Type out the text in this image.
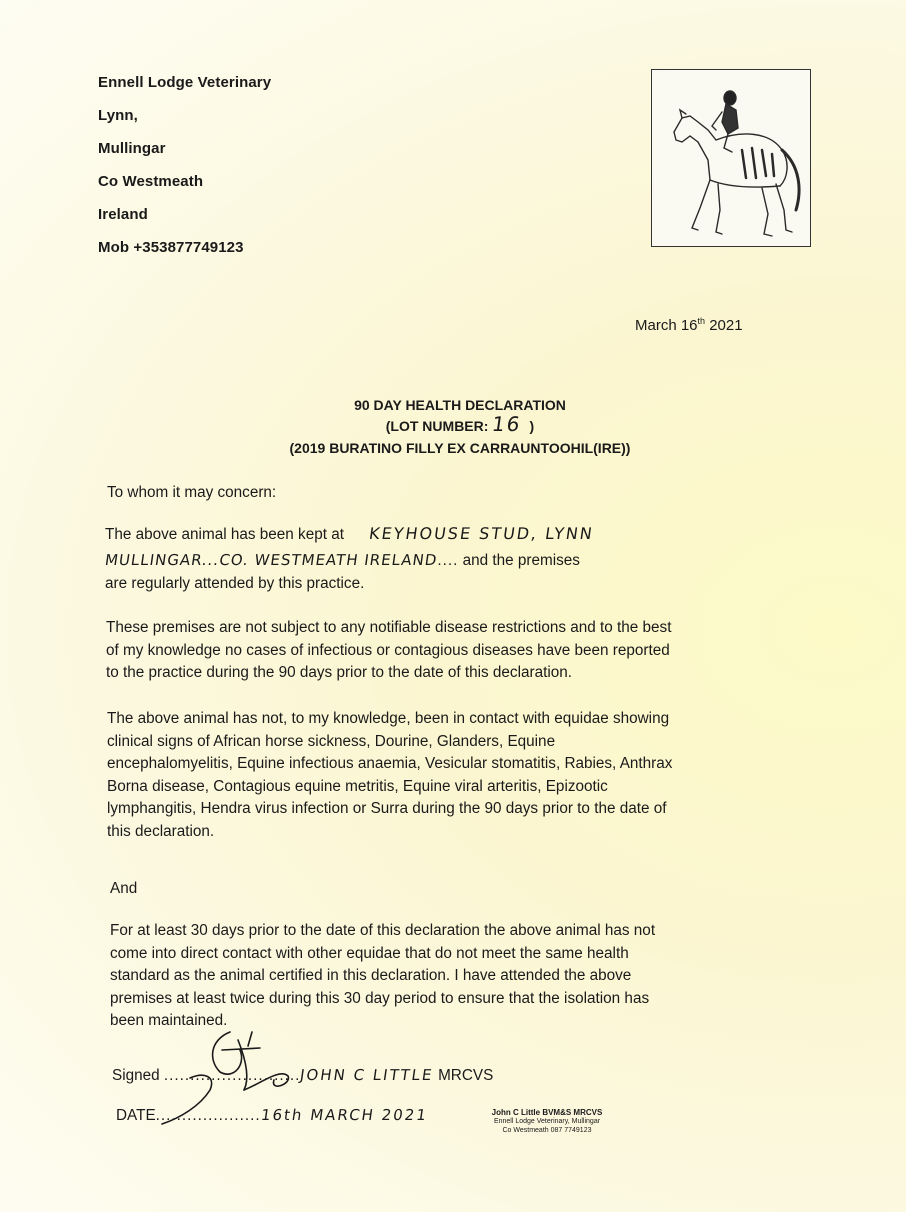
Ennell Lodge Veterinary
Lynn,
Mullingar
Co Westmeath
Ireland
Mob +353877749123
March 16th 2021
90 DAY HEALTH DECLARATION
(LOT NUMBER: 16 )
(2019 BURATINO FILLY EX CARRAUNTOOHIL(IRE))
To whom it may concern:
The above animal has been kept at KEYHOUSE STUD, LYNN
MULLINGAR...CO. WESTMEATH IRELAND.... and the premises
are regularly attended by this practice.
These premises are not subject to any notifiable disease restrictions and to the best
of my knowledge no cases of infectious or contagious diseases have been reported
to the practice during the 90 days prior to the date of this declaration.
The above animal has not, to my knowledge, been in contact with equidae showing
clinical signs of African horse sickness, Dourine, Glanders, Equine
encephalomyelitis, Equine infectious anaemia, Vesicular stomatitis, Rabies, Anthrax
Borna disease, Contagious equine metritis, Equine viral arteritis, Epizootic
lymphangitis, Hendra virus infection or Surra during the 90 days prior to the date of
this declaration.
And
For at least 30 days prior to the date of this declaration the above animal has not
come into direct contact with other equidae that do not meet the same health
standard as the animal certified in this declaration. I have attended the above
premises at least twice during this 30 day period to ensure that the isolation has
been maintained.
Signed ..........................JOHN C LITTLE MRCVS
DATE....................16th MARCH 2021	John C Little BVM&S MRCVS
Ennell Lodge Veterinary, Mullingar
Co Westmeath 087 7749123
